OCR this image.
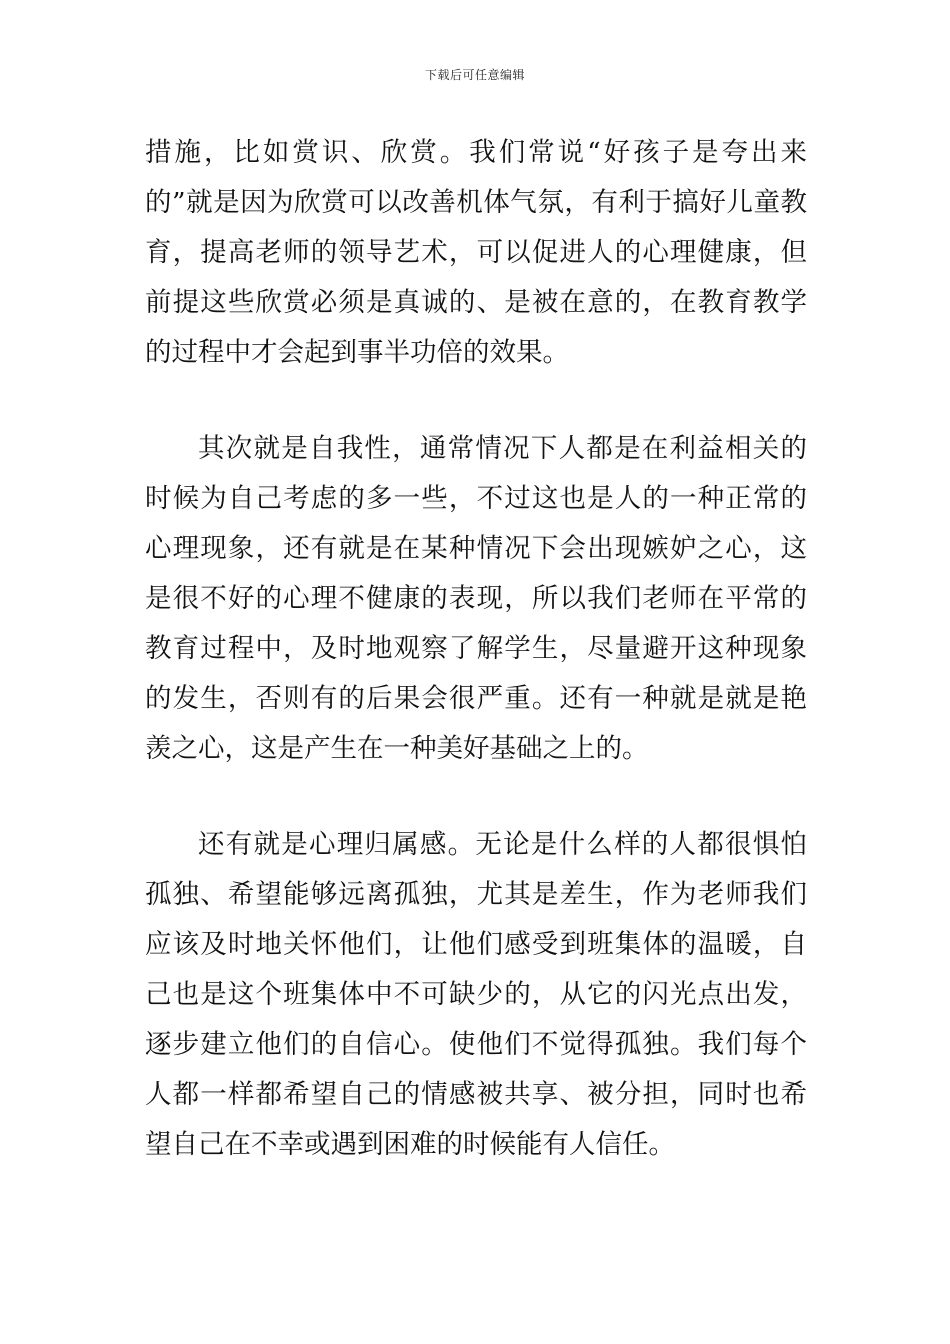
下载后可任意编辑

措施，比如赏识、欣赏。我们常说“好孩子是夸出来的”就是因为欣赏可以改善机体气氛，有利于搞好儿童教育，提高老师的领导艺术，可以促进人的心理健康，但前提这些欣赏必须是真诚的、是被在意的，在教育教学的过程中才会起到事半功倍的效果。

其次就是自我性，通常情况下人都是在利益相关的时候为自己考虑的多一些，不过这也是人的一种正常的心理现象，还有就是在某种情况下会出现嫉妒之心，这是很不好的心理不健康的表现，所以我们老师在平常的教育过程中，及时地观察了解学生，尽量避开这种现象的发生，否则有的后果会很严重。还有一种就是就是艳羡之心，这是产生在一种美好基础之上的。

还有就是心理归属感。无论是什么样的人都很惧怕孤独、希望能够远离孤独，尤其是差生，作为老师我们应该及时地关怀他们，让他们感受到班集体的温暖，自己也是这个班集体中不可缺少的，从它的闪光点出发，逐步建立他们的自信心。使他们不觉得孤独。我们每个人都一样都希望自己的情感被共享、被分担，同时也希望自己在不幸或遇到困难的时候能有人信任。
